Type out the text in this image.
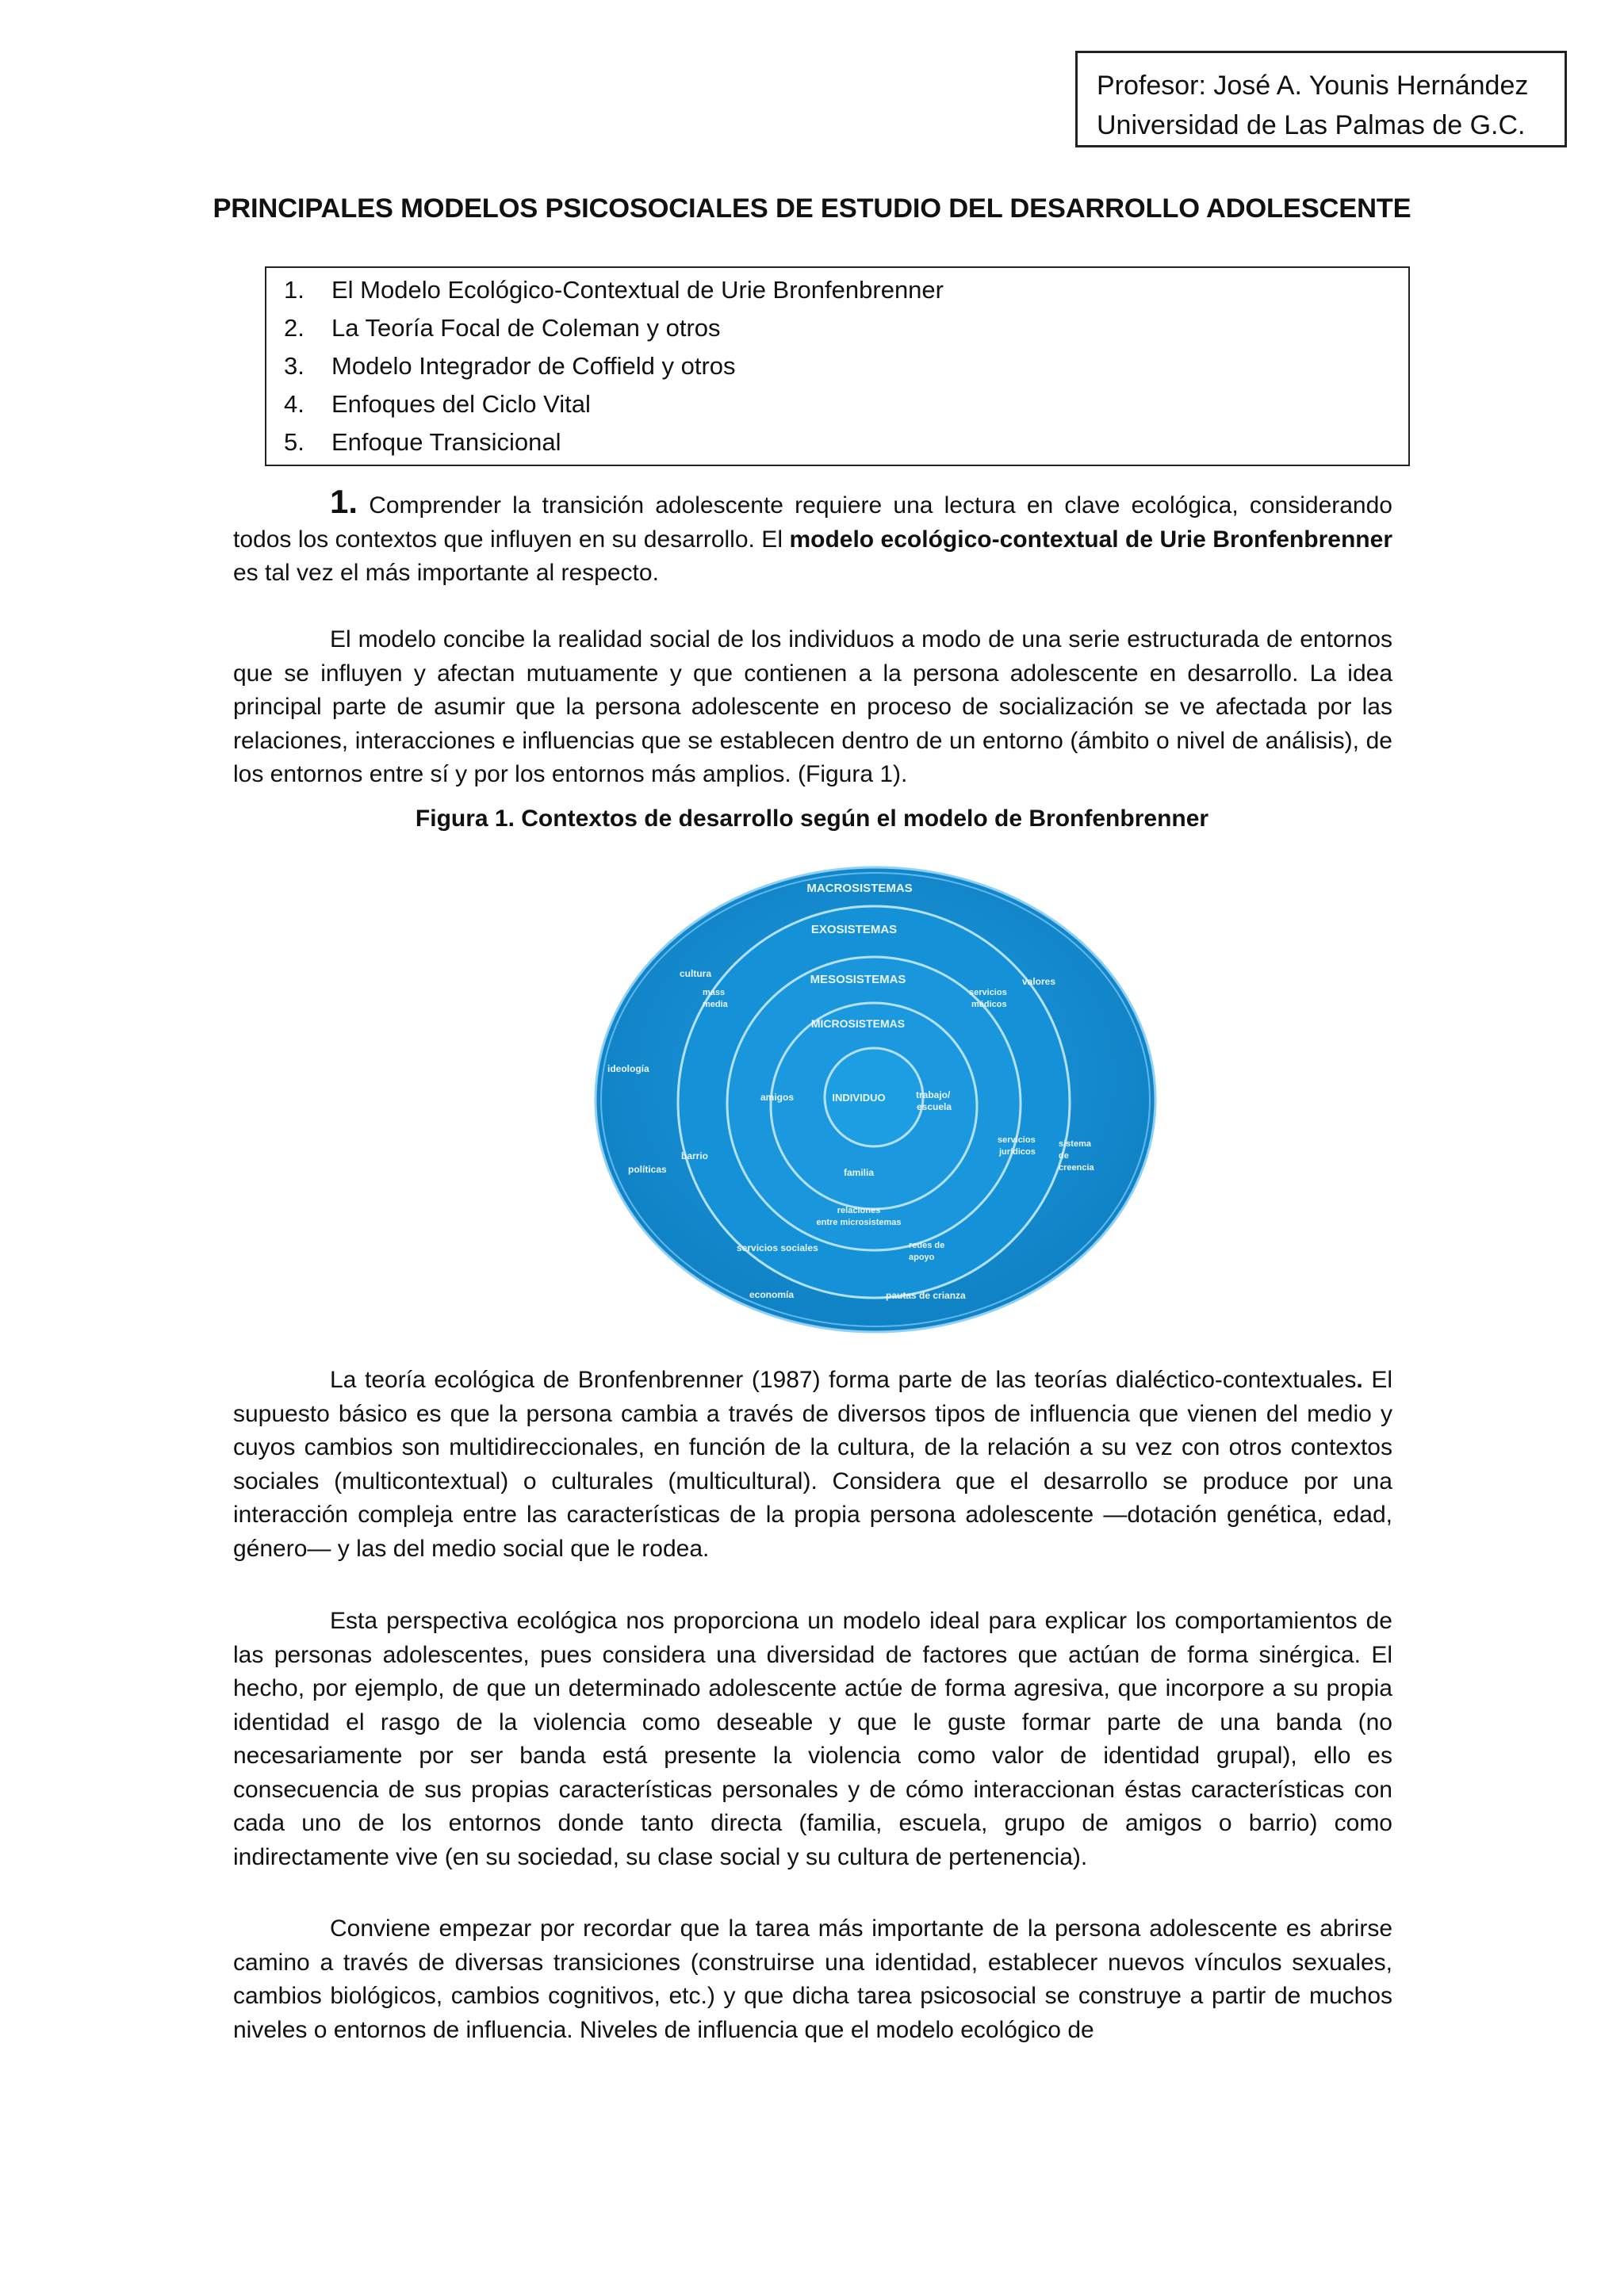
Profesor: José A. Younis Hernández
Universidad de Las Palmas de G.C.
PRINCIPALES MODELOS PSICOSOCIALES DE ESTUDIO DEL DESARROLLO ADOLESCENTE
1. El Modelo Ecológico-Contextual de Urie Bronfenbrenner
2. La Teoría Focal de Coleman y otros
3. Modelo Integrador de Coffield y otros
4. Enfoques del Ciclo Vital
5. Enfoque Transicional

1. Comprender la transición adolescente requiere una lectura en clave ecológica, considerando todos los contextos que influyen en su desarrollo. El modelo ecológico-contextual de Urie Bronfenbrenner es tal vez el más importante al respecto.

El modelo concibe la realidad social de los individuos a modo de una serie estructurada de entornos que se influyen y afectan mutuamente y que contienen a la persona adolescente en desarrollo. La idea principal parte de asumir que la persona adolescente en proceso de socialización se ve afectada por las relaciones, interacciones e influencias que se establecen dentro de un entorno (ámbito o nivel de análisis), de los entornos entre sí y por los entornos más amplios. (Figura 1).

Figura 1. Contextos de desarrollo según el modelo de Bronfenbrenner
MACROSISTEMAS
EXOSISTEMAS
MESOSISTEMAS
MICROSISTEMAS
INDIVIDUO
cultura
mass
media
valores
servicios
médicos
ideología
amigos	trabajo/
escuela
servicios
jurídicos
sistema
de
creencia
barrio
políticas	familia
relaciones
entre microsistemas
servicios sociales	redes de
apoyo
economía	pautas de crianza

La teoría ecológica de Bronfenbrenner (1987) forma parte de las teorías dialéctico-contextuales. El supuesto básico es que la persona cambia a través de diversos tipos de influencia que vienen del medio y cuyos cambios son multidireccionales, en función de la cultura, de la relación a su vez con otros contextos sociales (multicontextual) o culturales (multicultural). Considera que el desarrollo se produce por una interacción compleja entre las características de la propia persona adolescente —dotación genética, edad, género— y las del medio social que le rodea.

Esta perspectiva ecológica nos proporciona un modelo ideal para explicar los comportamientos de las personas adolescentes, pues considera una diversidad de factores que actúan de forma sinérgica. El hecho, por ejemplo, de que un determinado adolescente actúe de forma agresiva, que incorpore a su propia identidad el rasgo de la violencia como deseable y que le guste formar parte de una banda (no necesariamente por ser banda está presente la violencia como valor de identidad grupal), ello es consecuencia de sus propias características personales y de cómo interaccionan éstas características con cada uno de los entornos donde tanto directa (familia, escuela, grupo de amigos o barrio) como indirectamente vive (en su sociedad, su clase social y su cultura de pertenencia).

Conviene empezar por recordar que la tarea más importante de la persona adolescente es abrirse camino a través de diversas transiciones (construirse una identidad, establecer nuevos vínculos sexuales, cambios biológicos, cambios cognitivos, etc.) y que dicha tarea psicosocial se construye a partir de muchos niveles o entornos de influencia. Niveles de influencia que el modelo ecológico de
